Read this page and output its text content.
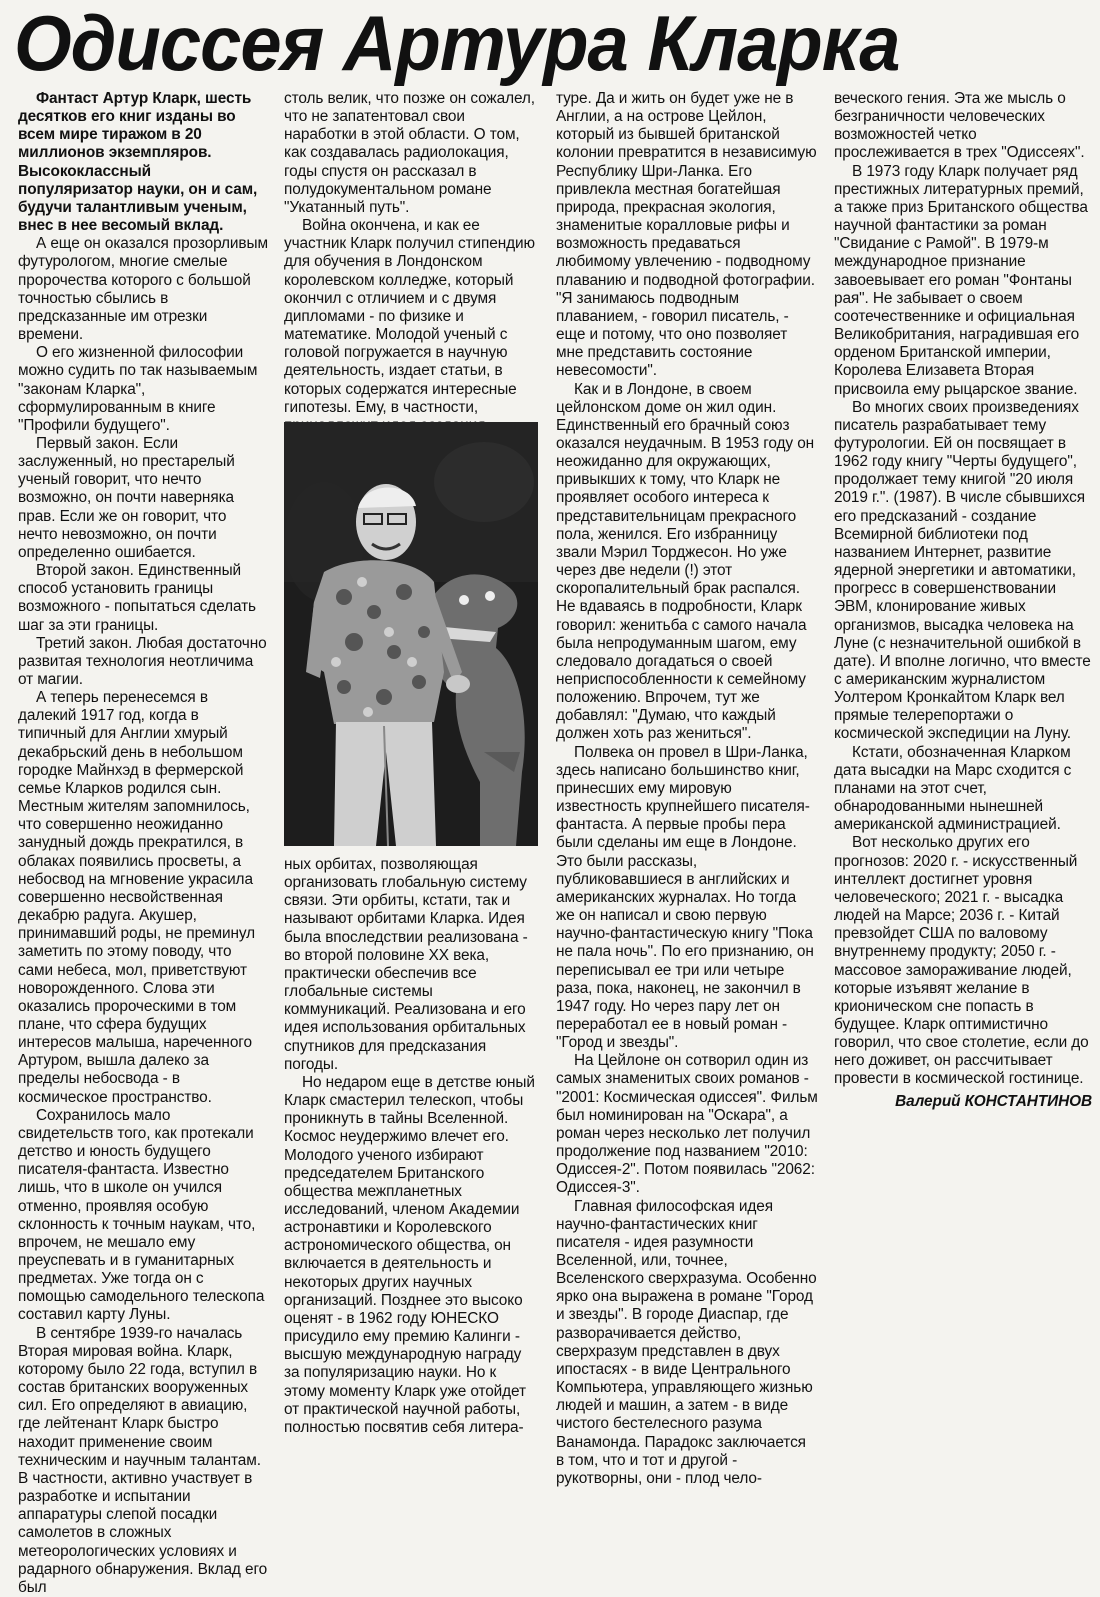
Одиссея Артура Кларка

Фантаст Артур Кларк, шесть десятков его книг изданы во всем мире тиражом в 20 миллионов экземпляров. Высококлассный популяризатор науки, он и сам, будучи талантливым ученым, внес в нее весомый вклад.

А еще он оказался прозорливым футурологом, многие смелые пророчества которого с большой точностью сбылись в предсказанные им отрезки времени.

О его жизненной философии можно судить по так называемым "законам Кларка", сформулированным в книге "Профили будущего".

Первый закон. Если заслуженный, но престарелый ученый говорит, что нечто возможно, он почти наверняка прав. Если же он говорит, что нечто невозможно, он почти определенно ошибается.

Второй закон. Единственный способ установить границы возможного - попытаться сделать шаг за эти границы.

Третий закон. Любая достаточно развитая технология неотличима от магии.

А теперь перенесемся в далекий 1917 год, когда в типичный для Англии хмурый декабрьский день в небольшом городке Майнхэд в фермерской семье Кларков родился сын. Местным жителям запомнилось, что совершенно неожиданно занудный дождь прекратился, в облаках появились просветы, а небосвод на мгновение украсила совершенно несвойственная декабрю радуга. Акушер, принимавший роды, не преминул заметить по этому поводу, что сами небеса, мол, приветствуют новорожденного. Слова эти оказались пророческими в том плане, что сфера будущих интересов малыша, нареченного Артуром, вышла далеко за пределы небосвода - в космическое пространство.

Сохранилось мало свидетельств того, как протекали детство и юность будущего писателя-фантаста. Известно лишь, что в школе он учился отменно, проявляя особую склонность к точным наукам, что, впрочем, не мешало ему преуспевать и в гуманитарных предметах. Уже тогда он с помощью самодельного телескопа составил карту Луны.

В сентябре 1939-го началась Вторая мировая война. Кларк, которому было 22 года, вступил в состав британских вооруженных сил. Его определяют в авиацию, где лейтенант Кларк быстро находит применение своим техническим и научным талантам. В частности, активно участвует в разработке и испытании аппаратуры слепой посадки самолетов в сложных метеорологических условиях и радарного обнаружения. Вклад его был

столь велик, что позже он сожалел, что не запатентовал свои наработки в этой области. О том, как создавалась радиолокация, годы спустя он рассказал в полудокументальном романе "Укатанный путь".

Война окончена, и как ее участник Кларк получил стипендию для обучения в Лондонском королевском колледже, который окончил с отличием и с двумя дипломами - по физике и математике. Молодой ученый с головой погружается в научную деятельность, издает статьи, в которых содержатся интересные гипотезы. Ему, в частности,

ных орбитах, позволяющая организовать глобальную систему связи. Эти орбиты, кстати, так и называют орбитами Кларка. Идея была впоследствии реализована - во второй половине XX века, практически обеспечив все глобальные системы коммуникаций. Реализована и его идея использования орбитальных спутников для предсказания погоды.

Но недаром еще в детстве юный Кларк смастерил телескоп, чтобы проникнуть в тайны Вселенной. Космос неудержимо влечет его. Молодого ученого избирают председателем Британского общества межпланетных исследований, членом Академии астронавтики и Королевского астрономического общества, он включается в деятельность и некоторых других научных организаций. Позднее это высоко оценят - в 1962 году ЮНЕСКО присудило ему премию Калинги - высшую международную награду за популяризацию науки. Но к этому моменту Кларк уже отойдет от практической научной работы, полностью посвятив себя литера-

туре. Да и жить он будет уже не в Англии, а на острове Цейлон, который из бывшей британской колонии превратится в независимую Республику Шри-Ланка. Его привлекла местная богатейшая природа, прекрасная экология, знаменитые коралловые рифы и возможность предаваться любимому увлечению - подводному плаванию и подводной фотографии. "Я занимаюсь подводным плаванием, - говорил писатель, - еще и потому, что оно позволяет мне представить состояние невесомости".

Как и в Лондоне, в своем цейлонском доме он жил один. Единственный его брачный союз оказался неудачным. В 1953 году он неожиданно для окружающих, привыкших к тому, что Кларк не проявляет особого интереса к представительницам прекрасного пола, женился. Его избранницу звали Мэрил Торджесон. Но уже через две недели (!) этот скоропалительный брак распался. Не вдаваясь в подробности, Кларк говорил: женитьба с самого начала была непродуманным шагом, ему следовало догадаться о своей неприспособленности к семейному положению. Впрочем, тут же добавлял: "Думаю, что каждый должен хоть раз жениться".

Полвека он провел в Шри-Ланка, здесь написано большинство книг, принесших ему мировую известность крупнейшего писателя-фантаста. А первые пробы пера были сделаны им еще в Лондоне. Это были рассказы, публиковавшиеся в английских и американских журналах. Но тогда же он написал и свою первую научно-фантастическую книгу "Пока не пала ночь". По его признанию, он переписывал ее три или четыре раза, пока, наконец, не закончил в 1947 году. Но через пару лет он переработал ее в новый роман - "Город и звезды".

На Цейлоне он сотворил один из самых знаменитых своих романов - "2001: Космическая одиссея". Фильм был номинирован на "Оскара", а роман через несколько лет получил продолжение под названием "2010: Одиссея-2". Потом появилась "2062: Одиссея-3".

Главная философская идея научно-фантастических книг писателя - идея разумности Вселенной, или, точнее, Вселенского сверхразума. Особенно ярко она выражена в романе "Город и звезды". В городе Диаспар, где разворачивается действо, сверхразум представлен в двух ипостасях - в виде Центрального Компьютера, управляющего жизнью людей и машин, а затем - в виде чистого бестелесного разума Ванамонда. Парадокс заключается в том, что и тот и другой - рукотворны, они - плод чело-

веческого гения. Эта же мысль о безграничности человеческих возможностей четко прослеживается в трех "Одиссеях".

В 1973 году Кларк получает ряд престижных литературных премий, а также приз Британского общества научной фантастики за роман "Свидание с Рамой". В 1979-м международное признание завоевывает его роман "Фонтаны рая". Не забывает о своем соотечественнике и официальная Великобритания, наградившая его орденом Британской империи, Королева Елизавета Вторая присвоила ему рыцарское звание.

Во многих своих произведениях писатель разрабатывает тему футурологии. Ей он посвящает в 1962 году книгу "Черты будущего", продолжает тему книгой "20 июля 2019 г.". (1987). В числе сбывшихся его предсказаний - создание Всемирной библиотеки под названием Интернет, развитие ядерной энергетики и автоматики, прогресс в совершенствовании ЭВМ, клонирование живых организмов, высадка человека на Луне (с незначительной ошибкой в дате). И вполне логично, что вместе с американским журналистом Уолтером Кронкайтом Кларк вел прямые телерепортажи о космической экспедиции на Луну.

Кстати, обозначенная Кларком дата высадки на Марс сходится с планами на этот счет, обнародованными нынешней американской администрацией.

Вот несколько других его прогнозов: 2020 г. - искусственный интеллект достигнет уровня человеческого; 2021 г. - высадка людей на Марсе; 2036 г. - Китай превзойдет США по валовому внутреннему продукту; 2050 г. - массовое замораживание людей, которые изъявят желание в крионическом сне попасть в будущее. Кларк оптимистично говорил, что свое столетие, если до него доживет, он рассчитывает провести в космической гостинице.

Валерий КОНСТАНТИНОВ
